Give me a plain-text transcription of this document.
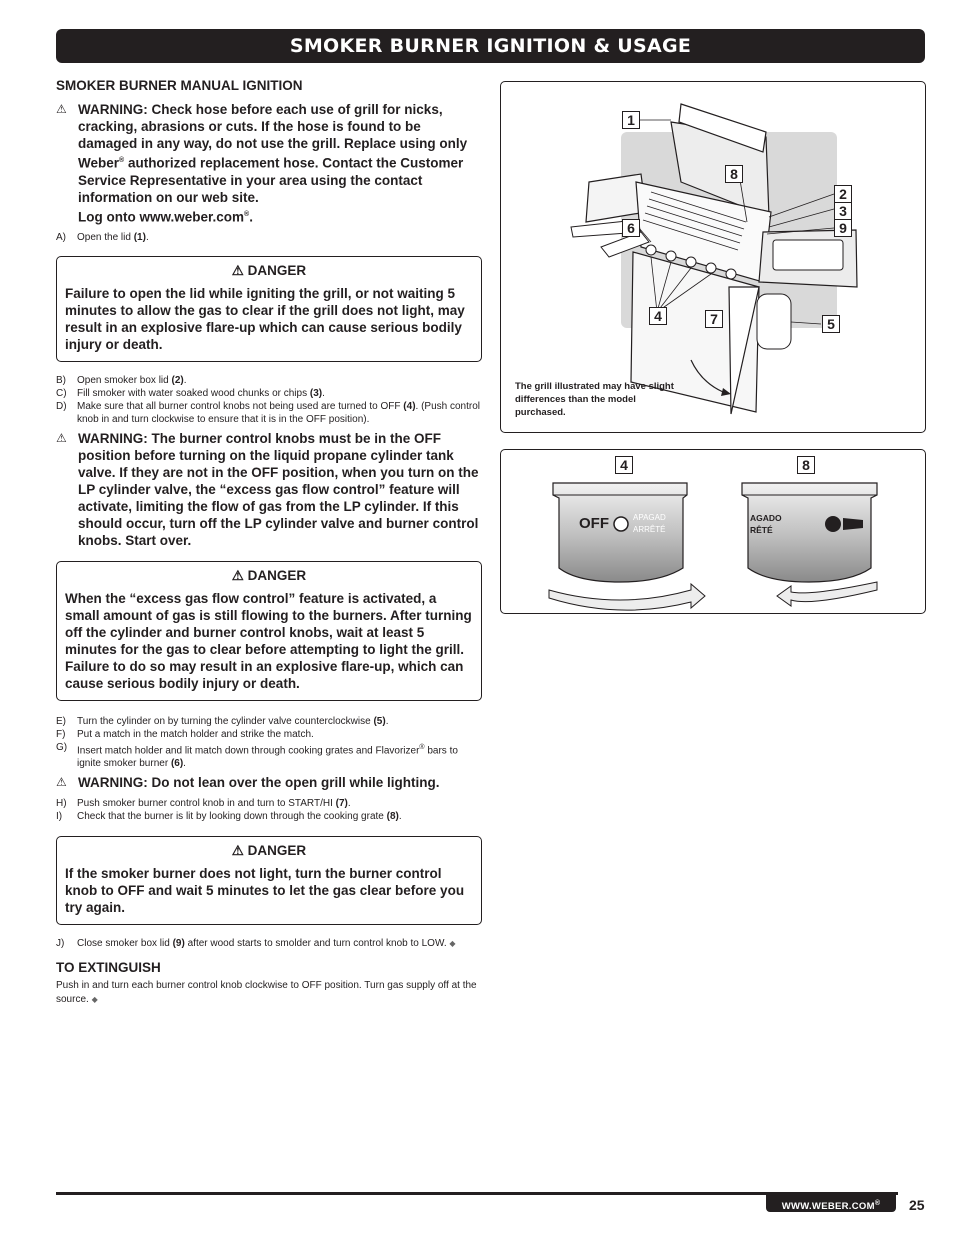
SMOKER BURNER IGNITION & USAGE
SMOKER BURNER MANUAL IGNITION
⚠ WARNING: Check hose before each use of grill for nicks, cracking, abrasions or cuts. If the hose is found to be damaged in any way, do not use the grill. Replace using only Weber® authorized replacement hose. Contact the Customer Service Representative in your area using the contact information on our web site.
Log onto www.weber.com®.
A)	Open the lid (1).
⚠ DANGER
Failure to open the lid while igniting the grill, or not waiting 5 minutes to allow the gas to clear if the grill does not light, may result in an explosive flare-up which can cause serious bodily injury or death.
B)	Open smoker box lid (2).
C)	Fill smoker with water soaked wood chunks or chips (3).
D)	Make sure that all burner control knobs not being used are turned to OFF (4). (Push control knob in and turn clockwise to ensure that it is in the OFF position).
⚠ WARNING: The burner control knobs must be in the OFF position before turning on the liquid propane cylinder tank valve. If they are not in the OFF position, when you turn on the LP cylinder valve, the “excess gas flow control” feature will activate, limiting the flow of gas from the LP cylinder. If this should occur, turn off the LP cylinder valve and burner control knobs. Start over.
⚠ DANGER
When the “excess gas flow control” feature is activated, a small amount of gas is still flowing to the burners. After turning off the cylinder and burner control knobs, wait at least 5 minutes for the gas to clear before attempting to light the grill. Failure to do so may result in an explosive flare-up, which can cause serious bodily injury or death.
E)	Turn the cylinder on by turning the cylinder valve counterclockwise (5).
F)	Put a match in the match holder and strike the match.
G) Insert match holder and lit match down through cooking grates and Flavorizer® bars to ignite smoker burner (6).
⚠ WARNING: Do not lean over the open grill while lighting.
H)	Push smoker burner control knob in and turn to START/HI (7).
I)	Check that the burner is lit by looking down through the cooking grate (8).
⚠ DANGER
If the smoker burner does not light, turn the burner control knob to OFF and wait 5 minutes to let the gas clear before you try again.
J)	Close smoker box lid (9) after wood starts to smolder and turn control knob to LOW. ◆
TO EXTINGUISH
Push in and turn each burner control knob clockwise to OFF position. Turn gas supply off at the source. ◆
1
8
2
3
9
6
4	7	5
The grill illustrated may have slight differences than the model purchased.
4	8
OFF	APAGAD
ARRÊTÉ
AGADO
RÊTÉ
WWW.WEBER.COM®	25
